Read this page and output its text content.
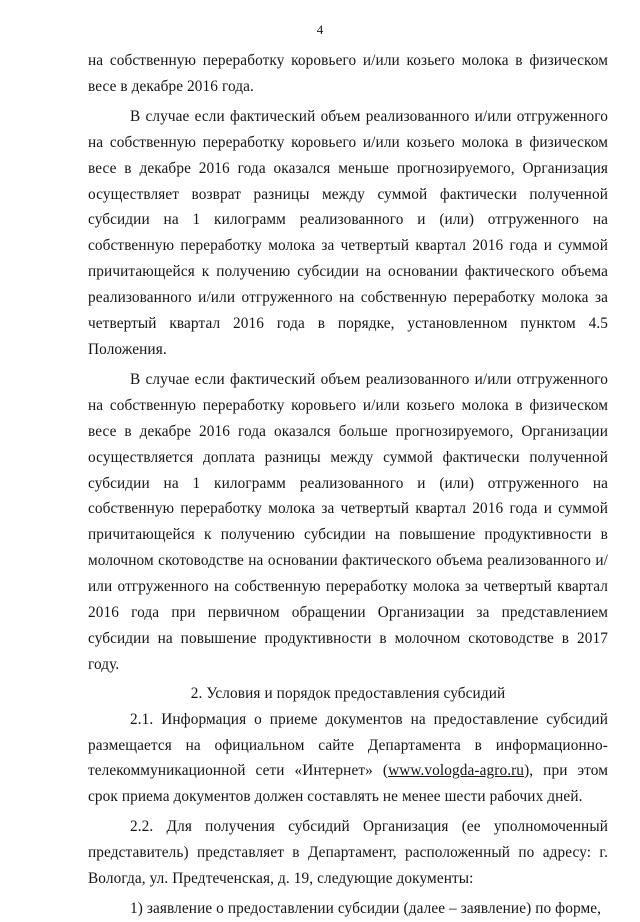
4

на собственную переработку коровьего и/или козьего молока в физическом весе в декабре 2016 года.

В случае если фактический объем реализованного и/или отгруженного на собственную переработку коровьего и/или козьего молока в физическом весе в декабре 2016 года оказался меньше прогнозируемого, Организация осуществляет возврат разницы между суммой фактически полученной субсидии на 1 килограмм реализованного и (или) отгруженного на собственную переработку молока за четвертый квартал 2016 года и суммой причитающейся к получению субсидии на основании фактического объема реализованного и/или отгруженного на собственную переработку молока за четвертый квартал 2016 года в порядке, установленном пунктом 4.5 Положения.

В случае если фактический объем реализованного и/или отгруженного на собственную переработку коровьего и/или козьего молока в физическом весе в декабре 2016 года оказался больше прогнозируемого, Организации осуществляется доплата разницы между суммой фактически полученной субсидии на 1 килограмм реализованного и (или) отгруженного на собственную переработку молока за четвертый квартал 2016 года и суммой причитающейся к получению субсидии на повышение продуктивности в молочном скотоводстве на основании фактического объема реализованного и/или отгруженного на собственную переработку молока за четвертый квартал 2016 года при первичном обращении Организации за представлением субсидии на повышение продуктивности в молочном скотоводстве в 2017 году.

2. Условия и порядок предоставления субсидий

2.1. Информация о приеме документов на предоставление субсидий размещается на официальном сайте Департамента в информационно-телекоммуникационной сети «Интернет» (www.vologda-agro.ru), при этом срок приема документов должен составлять не менее шести рабочих дней.

2.2. Для получения субсидий Организация (ее уполномоченный представитель) представляет в Департамент, расположенный по адресу: г. Вологда, ул. Предтеченская, д. 19, следующие документы:

1) заявление о предоставлении субсидии (далее – заявление) по форме,
